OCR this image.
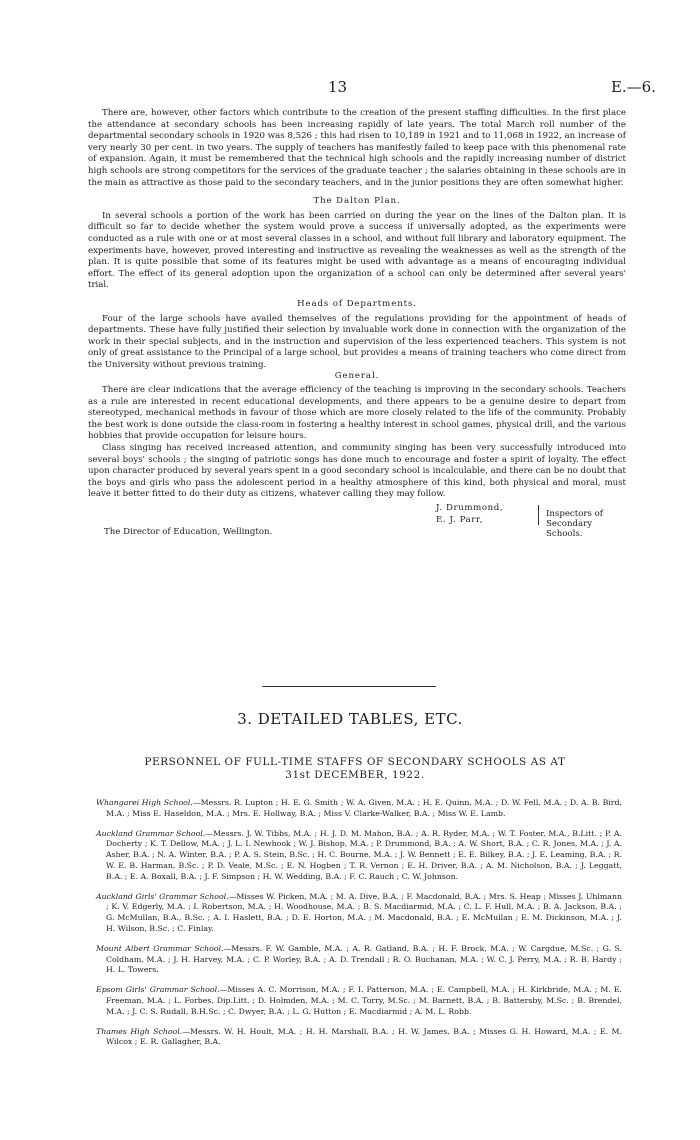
13	E.—6.

There are, however, other factors which contribute to the creation of the present staffing difficulties. In the first place the attendance at secondary schools has been increasing rapidly of late years. The total March roll number of the departmental secondary schools in 1920 was 8,526 ; this had risen to 10,189 in 1921 and to 11,068 in 1922, an increase of very nearly 30 per cent. in two years. The supply of teachers has manifestly failed to keep pace with this phenomenal rate of expansion. Again, it must be remembered that the technical high schools and the rapidly increasing number of district high schools are strong competitors for the services of the graduate teacher ; the salaries obtaining in these schools are in the main as attractive as those paid to the secondary teachers, and in the junior positions they are often somewhat higher.

The Dalton Plan.

In several schools a portion of the work has been carried on during the year on the lines of the Dalton plan. It is difficult so far to decide whether the system would prove a success if universally adopted, as the experiments were conducted as a rule with one or at most several classes in a school, and without full library and laboratory equipment. The experiments have, however, proved interesting and instructive as revealing the weaknesses as well as the strength of the plan. It is quite possible that some of its features might be used with advantage as a means of encouraging individual effort. The effect of its general adoption upon the organization of a school can only be determined after several years' trial.

Heads of Departments.

Four of the large schools have availed themselves of the regulations providing for the appointment of heads of departments. These have fully justified their selection by invaluable work done in connection with the organization of the work in their special subjects, and in the instruction and supervision of the less experienced teachers. This system is not only of great assistance to the Principal of a large school, but provides a means of training teachers who come direct from the University without previous training.

General.

There are clear indications that the average efficiency of the teaching is improving in the secondary schools. Teachers as a rule are interested in recent educational developments, and there appears to be a genuine desire to depart from stereotyped, mechanical methods in favour of those which are more closely related to the life of the community. Probably the best work is done outside the class-room in fostering a healthy interest in school games, physical drill, and the various hobbies that provide occupation for leisure hours.

Class singing has received increased attention, and community singing has been very successfully introduced into several boys' schools ; the singing of patriotic songs has done much to encourage and foster a spirit of loyalty. The effect upon character produced by several years spent in a good secondary school is incalculable, and there can be no doubt that the boys and girls who pass the adolescent period in a healthy atmosphere of this kind, both physical and moral, must leave it better fitted to do their duty as citizens, whatever calling they may follow.

J. Drummond,
E. J. Parr,
Inspectors of Secondary Schools.
The Director of Education, Wellington.
3. DETAILED TABLES, ETC.
PERSONNEL OF FULL-TIME STAFFS OF SECONDARY SCHOOLS AS AT
31st DECEMBER, 1922.
Whangarei High School.—Messrs. R. Lupton ; H. E. G. Smith ; W. A. Given, M.A. ; H. E. Quinn, M.A. ; D. W. Fell, M.A. ; D. A. B. Bird, M.A. ; Miss E. Haseldon, M.A. ; Mrs. E. Hollway, B.A. ; Miss V. Clarke-Walker, B.A. ; Miss W. E. Lamb.
Auckland Grammar School.—Messrs. J. W. Tibbs, M.A. ; H. J. D. M. Mahon, B.A. ; A. R. Ryder, M.A. ; W. T. Foster, M.A., B.Litt. ; P. A. Docherty ; K. T. Dellow, M.A. ; J. L. I. Newhook ; W. J. Bishop, M.A. ; P. Drummond, B.A. ; A. W. Short, B.A. ; C. R. Jones, M.A. ; J. A. Asher, B.A. ; N. A. Winter, B.A. ; P. A. S. Stein, B.Sc. ; H. C. Bourne, M.A. ; J. W. Bennett ; E. E. Bilkey, B.A. ; J. E. Leaming, B.A. ; R. W. E. B. Harman, B.Sc. ; P. D. Veale, M.Sc. ; E. N. Hogben ; T. R. Vernon ; E. H. Driver, B.A. ; A. M. Nicholson, B.A. ; J. Leggatt, B.A. ; E. A. Boxall, B.A. ; J. F. Simpson ; H. W. Wedding, B.A. ; F. C. Rauch ; C. W. Johnson.
Auckland Girls' Grammar School.—Misses W. Picken, M.A. ; M. A. Dive, B.A. ; F. Macdonald, B.A. ; Mrs. S. Heap ; Misses J. Uhlmann ; K. V. Edgerly, M.A. ; I. Robertson, M.A. ; H. Woodhouse, M.A. ; B. S. Macdiarmid, M.A. ; C. L. F. Hull, M.A. ; B. A. Jackson, B.A. ; G. McMullan, B.A., B.Sc. ; A. I. Haslett, B.A. ; D. E. Horton, M.A. ; M. Macdonald, B.A. ; E. McMullan ; E. M. Dickinson, M.A. ; J. H. Wilson, B.Sc. ; C. Finlay.
Mount Albert Grammar School.—Messrs. F. W. Gamble, M.A. ; A. R. Gatland, B.A. ; H. F. Brock, M.A. ; W. Cargdue, M.Sc. ; G. S. Coldham, M.A. ; J. H. Harvey, M.A. ; C. P. Worley, B.A. ; A. D. Trendall ; R. O. Buchanan, M.A. ; W. C. J. Perry, M.A. ; R. B. Hardy ; H. L. Towers.
Epsom Girls' Grammar School.—Misses A. C. Morrison, M.A. ; F. I. Patterson, M.A. ; E. Campbell, M.A. ; H. Kirkbride, M.A. ; M. E. Freeman, M.A. ; L. Forbes, Dip.Litt. ; D. Holmden, M.A. ; M. C. Torry, M.Sc. ; M. Barnett, B.A. ; B. Battersby, M.Sc. ; B. Brendel, M.A. ; J. C. S. Rudall, B.H.Sc. ; C. Dwyer, B.A. ; L. G. Hutton ; E. Macdiarmid ; A. M. L. Robb.
Thames High School.—Messrs. W. H. Hoult, M.A. ; H. H. Marshall, B.A. ; H. W. James, B.A. ; Misses G. H. Howard, M.A. ; E. M. Wilcox ; E. R. Gallagher, B.A.
